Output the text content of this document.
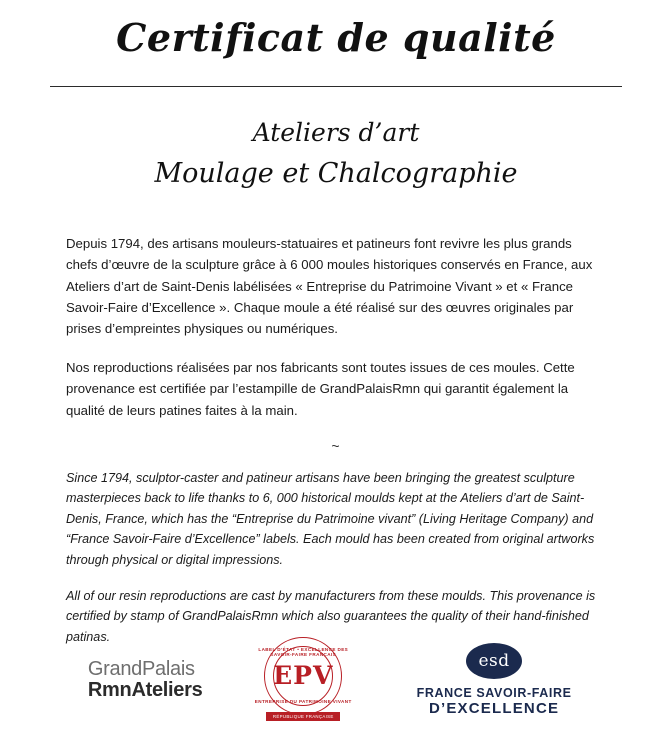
Certificat de qualité
Ateliers d’art
Moulage et Chalcographie

Depuis 1794, des artisans mouleurs-statuaires et patineurs font revivre les plus grands chefs d’œuvre de la sculpture grâce à 6 000 moules historiques conservés en France, aux Ateliers d’art de Saint-Denis labélisées « Entreprise du Patrimoine Vivant » et « France Savoir-Faire d’Excellence ». Chaque moule a été réalisé sur des œuvres originales par prises d’empreintes physiques ou numériques.

Nos reproductions réalisées par nos fabricants sont toutes issues de ces moules. Cette provenance est certifiée par l’estampille de GrandPalaisRmn qui garantit également la qualité de leurs patines faites à la main.

~

Since 1794, sculptor-caster and patineur artisans have been bringing the greatest sculpture masterpieces back to life thanks to 6, 000 historical moulds kept at the Ateliers d’art de Saint-Denis, France, which has the “Entreprise du Patrimoine vivant” (Living Heritage Company) and “France Savoir-Faire d’Excellence” labels. Each mould has been created from original artworks through physical or digital impressions.

All of our resin reproductions are cast by manufacturers from these moulds. This provenance is certified by stamp of GrandPalaisRmn which also guarantees the quality of their hand-finished patinas.

GrandPalais
RmnAteliers
LABEL D’ÉTAT • EXCELLENCE DES SAVOIR-FAIRE FRANÇAIS
EPV
ENTREPRISE DU PATRIMOINE VIVANT
RÉPUBLIQUE FRANÇAISE
esd
FRANCE SAVOIR-FAIRE
D’EXCELLENCE
